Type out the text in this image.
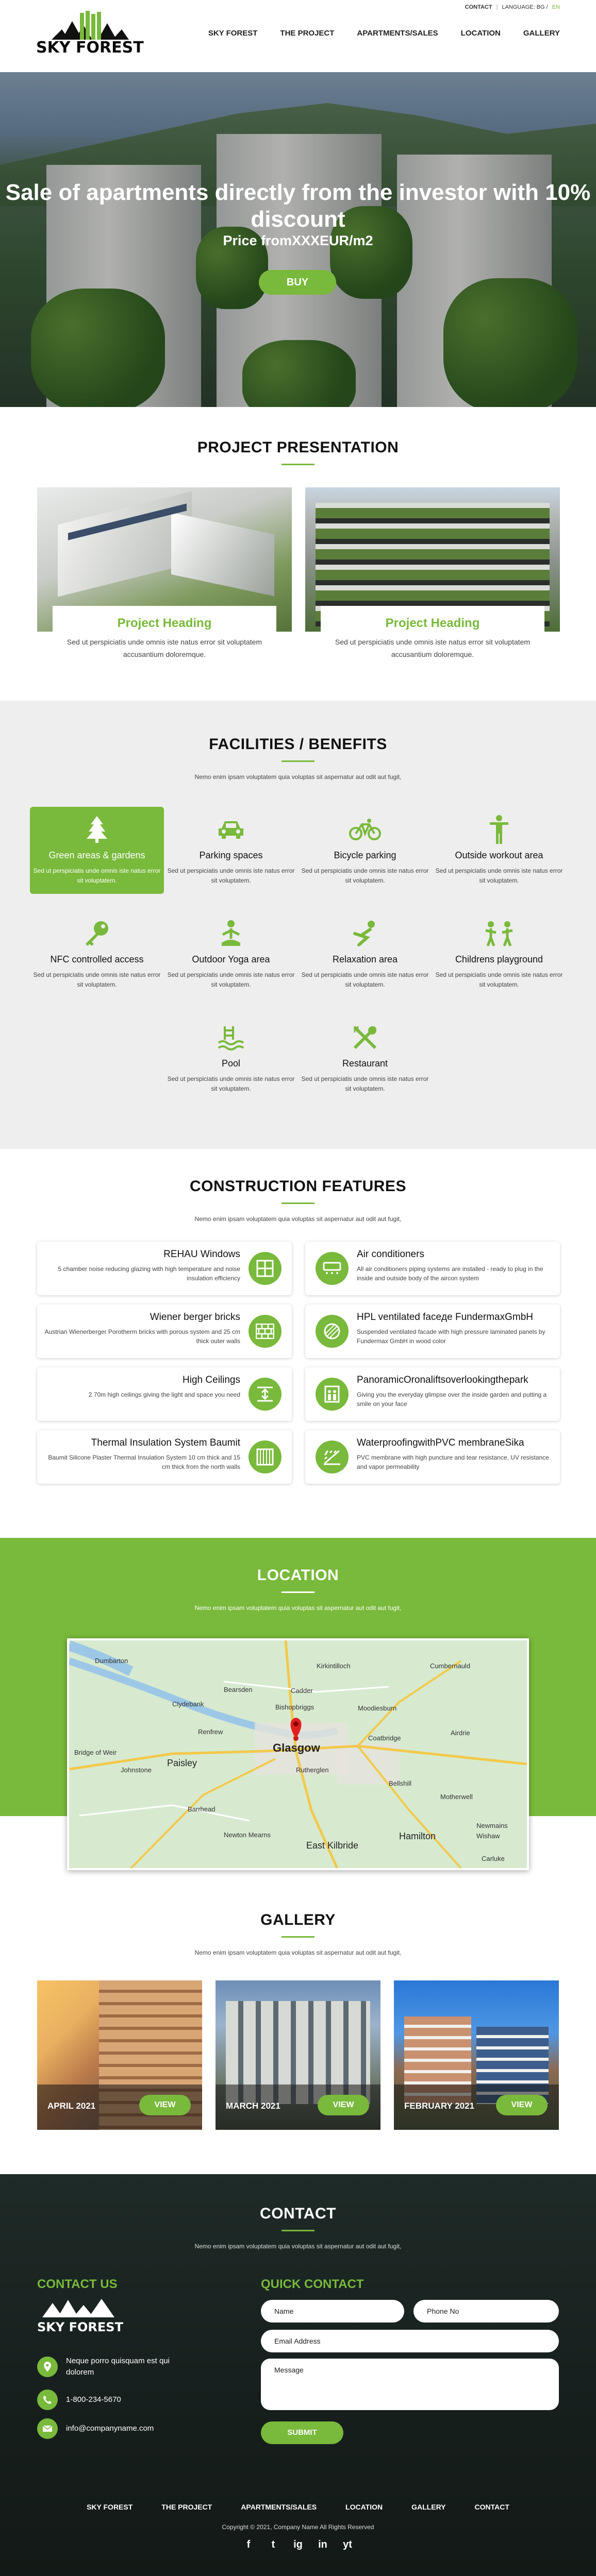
CONTACT | LANGUAGE: BG / EN
SKY FOREST
SKY FOREST	THE PROJECT	APARTMENTS/SALES	LOCATION	GALLERY
Sale of apartments directly from the investor with 10% discount
Price fromXXXEUR/m2
BUY
PROJECT PRESENTATION
Project Heading

Sed ut perspiciatis unde omnis iste natus error sit voluptatem accusantium doloremque.

Project Heading

Sed ut perspiciatis unde omnis iste natus error sit voluptatem accusantium doloremque.

FACILITIES / BENEFITS
Nemo enim ipsam voluptatem quia voluptas sit aspernatur aut odit aut fugit,
Green areas & gardens

Sed ut perspiciatis unde omnis iste natus error sit voluptatem.

Parking spaces

Sed ut perspiciatis unde omnis iste natus error sit voluptatem.

Bicycle parking

Sed ut perspiciatis unde omnis iste natus error sit voluptatem.

Outside workout area

Sed ut perspiciatis unde omnis iste natus error sit voluptatem.

NFC controlled access

Sed ut perspiciatis unde omnis iste natus error sit voluptatem.

Outdoor Yoga area

Sed ut perspiciatis unde omnis iste natus error sit voluptatem.

Relaxation area

Sed ut perspiciatis unde omnis iste natus error sit voluptatem.

Childrens playground

Sed ut perspiciatis unde omnis iste natus error sit voluptatem.

Pool

Sed ut perspiciatis unde omnis iste natus error sit voluptatem.

Restaurant

Sed ut perspiciatis unde omnis iste natus error sit voluptatem.

CONSTRUCTION FEATURES
Nemo enim ipsam voluptatem quia voluptas sit aspernatur aut odit aut fugit,
REHAU Windows

5 chamber noise reducing glazing with high temperature and noise insulation efficiency

Air conditioners

All air conditioners piping systems are installed - ready to plug in the inside and outside body of the aircon system

Wiener berger bricks

Austrian Wienerberger Porotherm bricks with porous system and 25 cm thick outer walls

HPL ventilated faceде FundermaxGmbH

Suspended ventilated facade with high pressure laminated panels by Fundermax GmbH in wood color

High Ceilings

2.70m high ceilings giving the light and space you need

PanoramicOronaliftsoverlookingthepark

Giving you the everyday glimpse over the inside garden and putting a smile on your face

Thermal Insulation System Baumit

Baumit Silicone Plaster Thermal Insulation System 10 cm thick and 15 cm thick from the north walls

WaterproofingwithPVC membraneSika

PVC membrane with high puncture and tear resistance, UV resistance and vapor permeability

LOCATION
Nemo enim ipsam voluptatem quia voluptas sit aspernatur aut odit aut fugit,
Dumbarton
Kirkintilloch	Cumbernauld
Bearsden	Cadder
Clydebank	Bishopbriggs	Moodiesburn
Renfrew
Glasgow
Coatbridge
Airdrie
Bridge of Weir
Johnstone
Paisley
Rutherglen
Bellshill
Motherwell
Barrhead
Newton Mearns
East Kilbride
Hamilton
Newmains
Wishaw
Carluke
GALLERY
Nemo enim ipsam voluptatem quia voluptas sit aspernatur aut odit aut fugit,
APRIL 2021	VIEW	MARCH 2021	VIEW	FEBRUARY 2021	VIEW
CONTACT
Nemo enim ipsam voluptatem quia voluptas sit aspernatur aut odit aut fugit,
CONTACT US	QUICK CONTACT
SKY FOREST
Neque porro quisquam est qui dolorem
1-800-234-5670
info@companyname.com
Name	Phone No
Email Address
Message
SUBMIT
SKY FOREST	THE PROJECT	APARTMENTS/SALES	LOCATION	GALLERY	CONTACT
Copyright © 2021, Company Name All Rights Reserved
f	t	ig in yt
